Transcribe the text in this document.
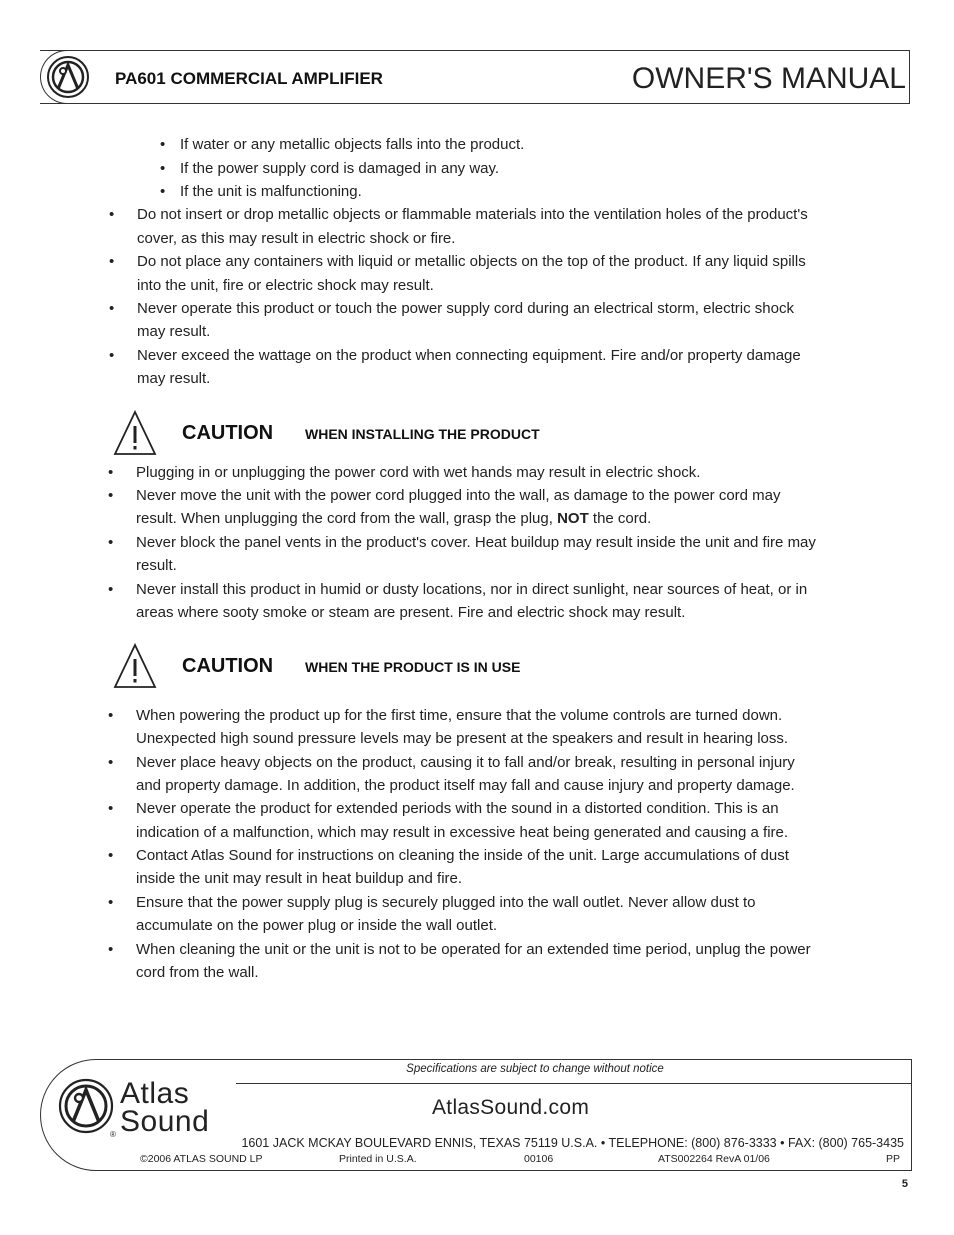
PA601 COMMERCIAL AMPLIFIER	OWNER'S MANUAL
• If water or any metallic objects falls into the product.
• If the power supply cord is damaged in any way.
• If the unit is malfunctioning.
• Do not insert or drop metallic objects or flammable materials into the ventilation holes of the product's
cover, as this may result in electric shock or fire.
• Do not place any containers with liquid or metallic objects on the top of the product. If any liquid spills
into the unit, fire or electric shock may result.
• Never operate this product or touch the power supply cord during an electrical storm, electric shock
may result.
• Never exceed the wattage on the product when connecting equipment. Fire and/or property damage
may result.
CAUTION WHEN INSTALLING THE PRODUCT
• Plugging in or unplugging the power cord with wet hands may result in electric shock.
• Never move the unit with the power cord plugged into the wall, as damage to the power cord may
result. When unplugging the cord from the wall, grasp the plug, NOT the cord.
• Never block the panel vents in the product's cover. Heat buildup may result inside the unit and fire may
result.
• Never install this product in humid or dusty locations, nor in direct sunlight, near sources of heat, or in
areas where sooty smoke or steam are present. Fire and electric shock may result.
CAUTION WHEN THE PRODUCT IS IN USE
• When powering the product up for the first time, ensure that the volume controls are turned down.
Unexpected high sound pressure levels may be present at the speakers and result in hearing loss.
• Never place heavy objects on the product, causing it to fall and/or break, resulting in personal injury
and property damage. In addition, the product itself may fall and cause injury and property damage.
• Never operate the product for extended periods with the sound in a distorted condition. This is an
indication of a malfunction, which may result in excessive heat being generated and causing a fire.
• Contact Atlas Sound for instructions on cleaning the inside of the unit. Large accumulations of dust
inside the unit may result in heat buildup and fire.
• Ensure that the power supply plug is securely plugged into the wall outlet. Never allow dust to
accumulate on the power plug or inside the wall outlet.
• When cleaning the unit or the unit is not to be operated for an extended time period, unplug the power
cord from the wall.
Specifications are subject to change without notice
Atlas
Sound
®
AtlasSound.com
1601 JACK MCKAY BOULEVARD ENNIS, TEXAS 75119 U.S.A. • TELEPHONE: (800) 876-3333 • FAX: (800) 765-3435
©2006 ATLAS SOUND LP	Printed in U.S.A.	00106	ATS002264 RevA 01/06	PP
5
